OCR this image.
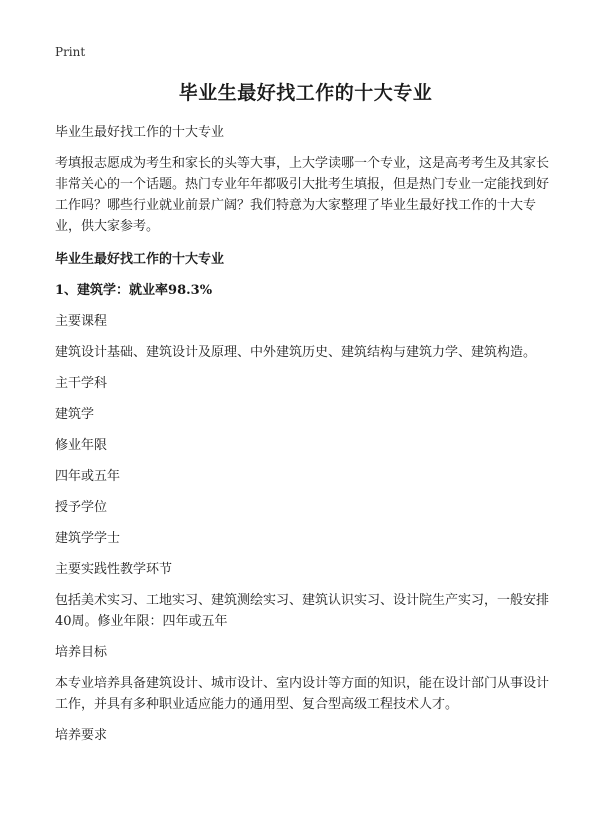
Print
毕业生最好找工作的十大专业
毕业生最好找工作的十大专业
考填报志愿成为考生和家长的头等大事，上大学读哪一个专业，这是高考考生及其家长非常关心的一个话题。热门专业年年都吸引大批考生填报，但是热门专业一定能找到好工作吗？哪些行业就业前景广阔？我们特意为大家整理了毕业生最好找工作的十大专业，供大家参考。
毕业生最好找工作的十大专业
1、建筑学：就业率98.3%
主要课程
建筑设计基础、建筑设计及原理、中外建筑历史、建筑结构与建筑力学、建筑构造。
主干学科
建筑学
修业年限
四年或五年
授予学位
建筑学学士
主要实践性教学环节
包括美术实习、工地实习、建筑测绘实习、建筑认识实习、设计院生产实习，一般安排40周。修业年限：四年或五年
培养目标
本专业培养具备建筑设计、城市设计、室内设计等方面的知识，能在设计部门从事设计工作，并具有多种职业适应能力的通用型、复合型高级工程技术人才。
培养要求
